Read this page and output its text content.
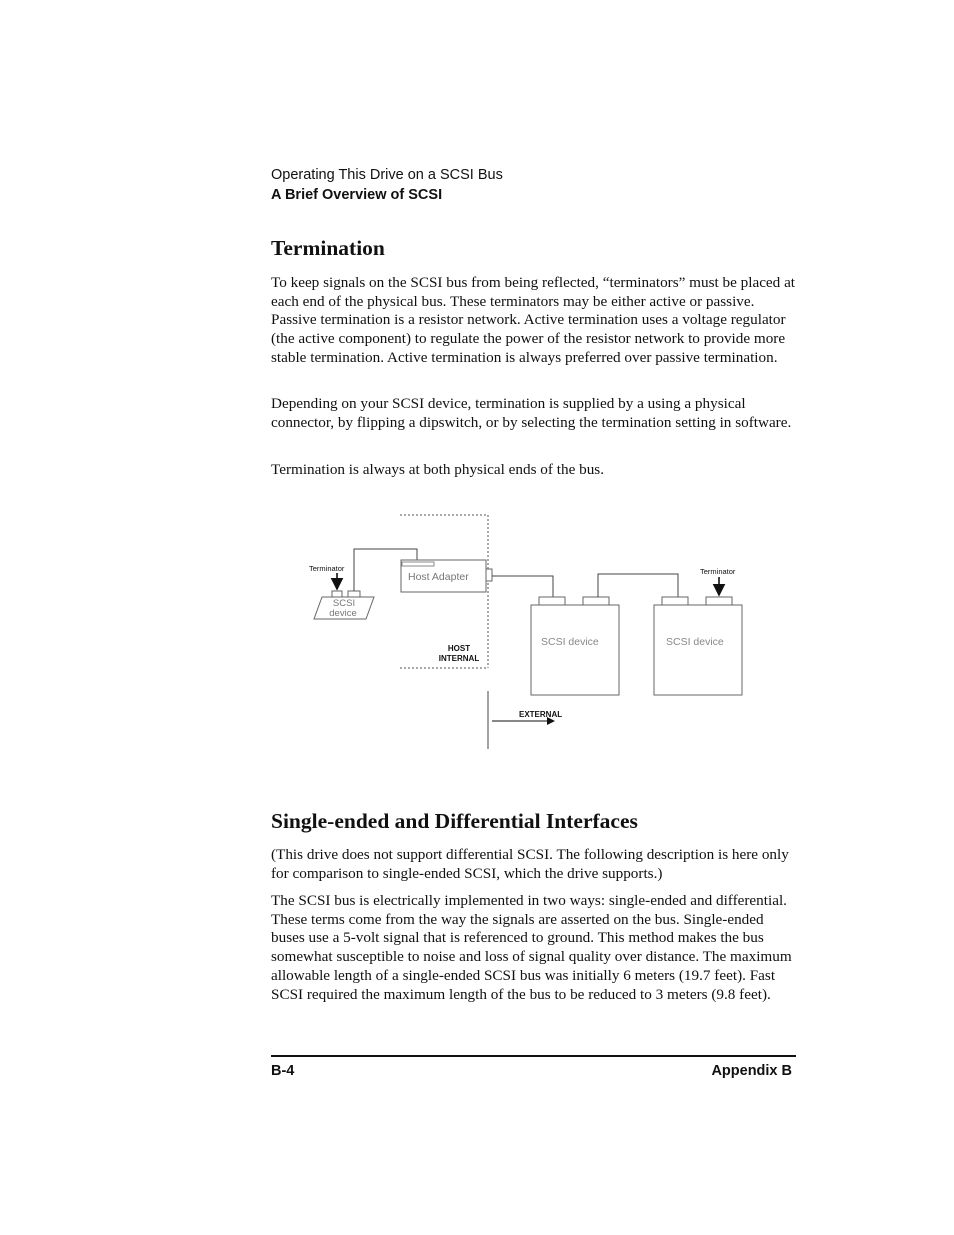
Operating This Drive on a SCSI Bus

A Brief Overview of SCSI

Termination

To keep signals on the SCSI bus from being reflected, “terminators” must be placed at each end of the physical bus. These terminators may be either active or passive. Passive termination is a resistor network. Active termination uses a voltage regulator (the active component) to regulate the power of the resistor network to provide more stable termination. Active termination is always preferred over passive termination.

Depending on your SCSI device, termination is supplied by a using a physical connector, by flipping a dipswitch, or by selecting the termination setting in software.

Termination is always at both physical ends of the bus.

SCSI
device
Terminator
Host Adapter
HOST
INTERNAL
SCSI device	SCSI device
Terminator
EXTERNAL
Single-ended and Differential Interfaces

(This drive does not support differential SCSI. The following description is here only for comparison to single-ended SCSI, which the drive supports.)

The SCSI bus is electrically implemented in two ways: single-ended and differential. These terms come from the way the signals are asserted on the bus. Single-ended buses use a 5-volt signal that is referenced to ground. This method makes the bus somewhat susceptible to noise and loss of signal quality over distance. The maximum allowable length of a single-ended SCSI bus was initially 6 meters (19.7 feet). Fast SCSI required the maximum length of the bus to be reduced to 3 meters (9.8 feet).

B-4	Appendix B
